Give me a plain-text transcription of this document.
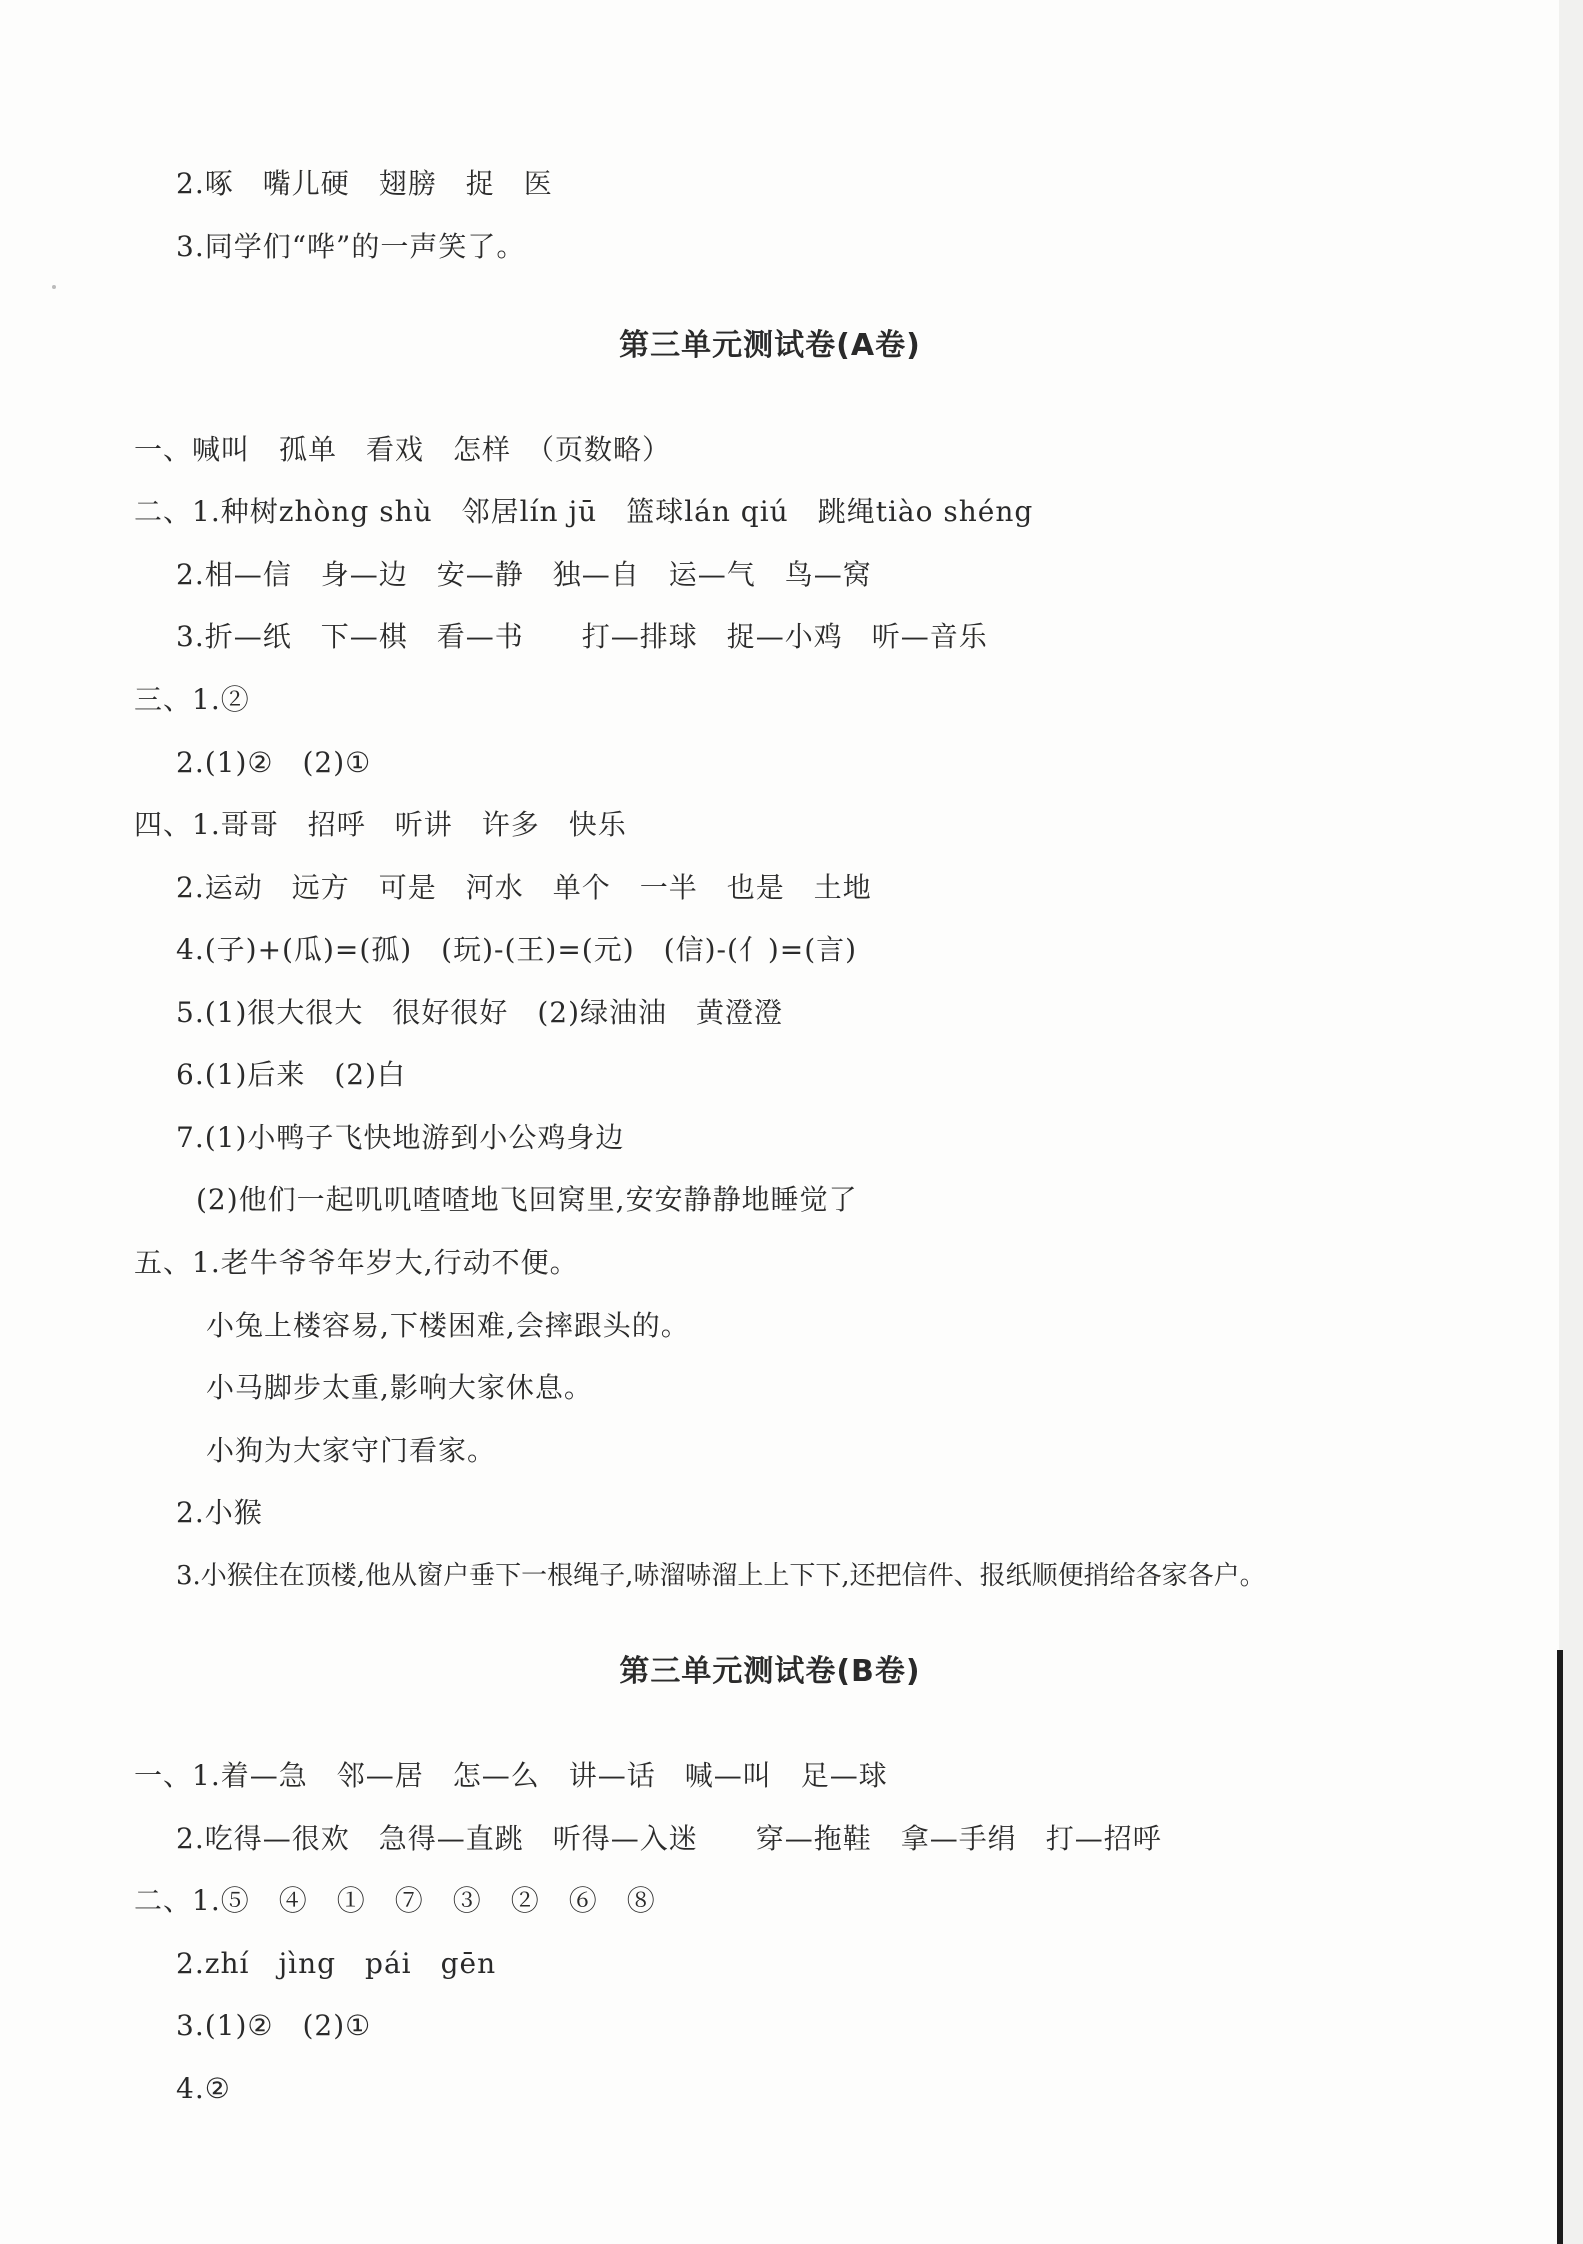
2.啄　嘴儿硬　翅膀　捉　医
3.同学们“哗”的一声笑了。
第三单元测试卷(A卷)
一、喊叫　孤单　看戏　怎样　（页数略）
二、1.种树zhòng shù　邻居lín jū　篮球lán qiú　跳绳tiào shéng
2.相—信　身—边　安—静　独—自　运—气　鸟—窝
3.折—纸　下—棋　看—书　　打—排球　捉—小鸡　听—音乐
三、1.②
2.(1)②　(2)①
四、1.哥哥　招呼　听讲　许多　快乐
2.运动　远方　可是　河水　单个　一半　也是　土地
4.(子)+(瓜)=(孤)　(玩)-(王)=(元)　(信)-(亻)=(言)
5.(1)很大很大　很好很好　(2)绿油油　黄澄澄
6.(1)后来　(2)白
7.(1)小鸭子飞快地游到小公鸡身边
(2)他们一起叽叽喳喳地飞回窝里,安安静静地睡觉了
五、1.老牛爷爷年岁大,行动不便。
小兔上楼容易,下楼困难,会摔跟头的。
小马脚步太重,影响大家休息。
小狗为大家守门看家。
2.小猴
3.小猴住在顶楼,他从窗户垂下一根绳子,哧溜哧溜上上下下,还把信件、报纸顺便捎给各家各户。
第三单元测试卷(B卷)
一、1.着—急　邻—居　怎—么　讲—话　喊—叫　足—球
2.吃得—很欢　急得—直跳　听得—入迷　　穿—拖鞋　拿—手绢　打—招呼
二、1.⑤　④　①　⑦　③　②　⑥　⑧
2.zhí　jìng　pái　gēn
3.(1)②　(2)①
4.②
